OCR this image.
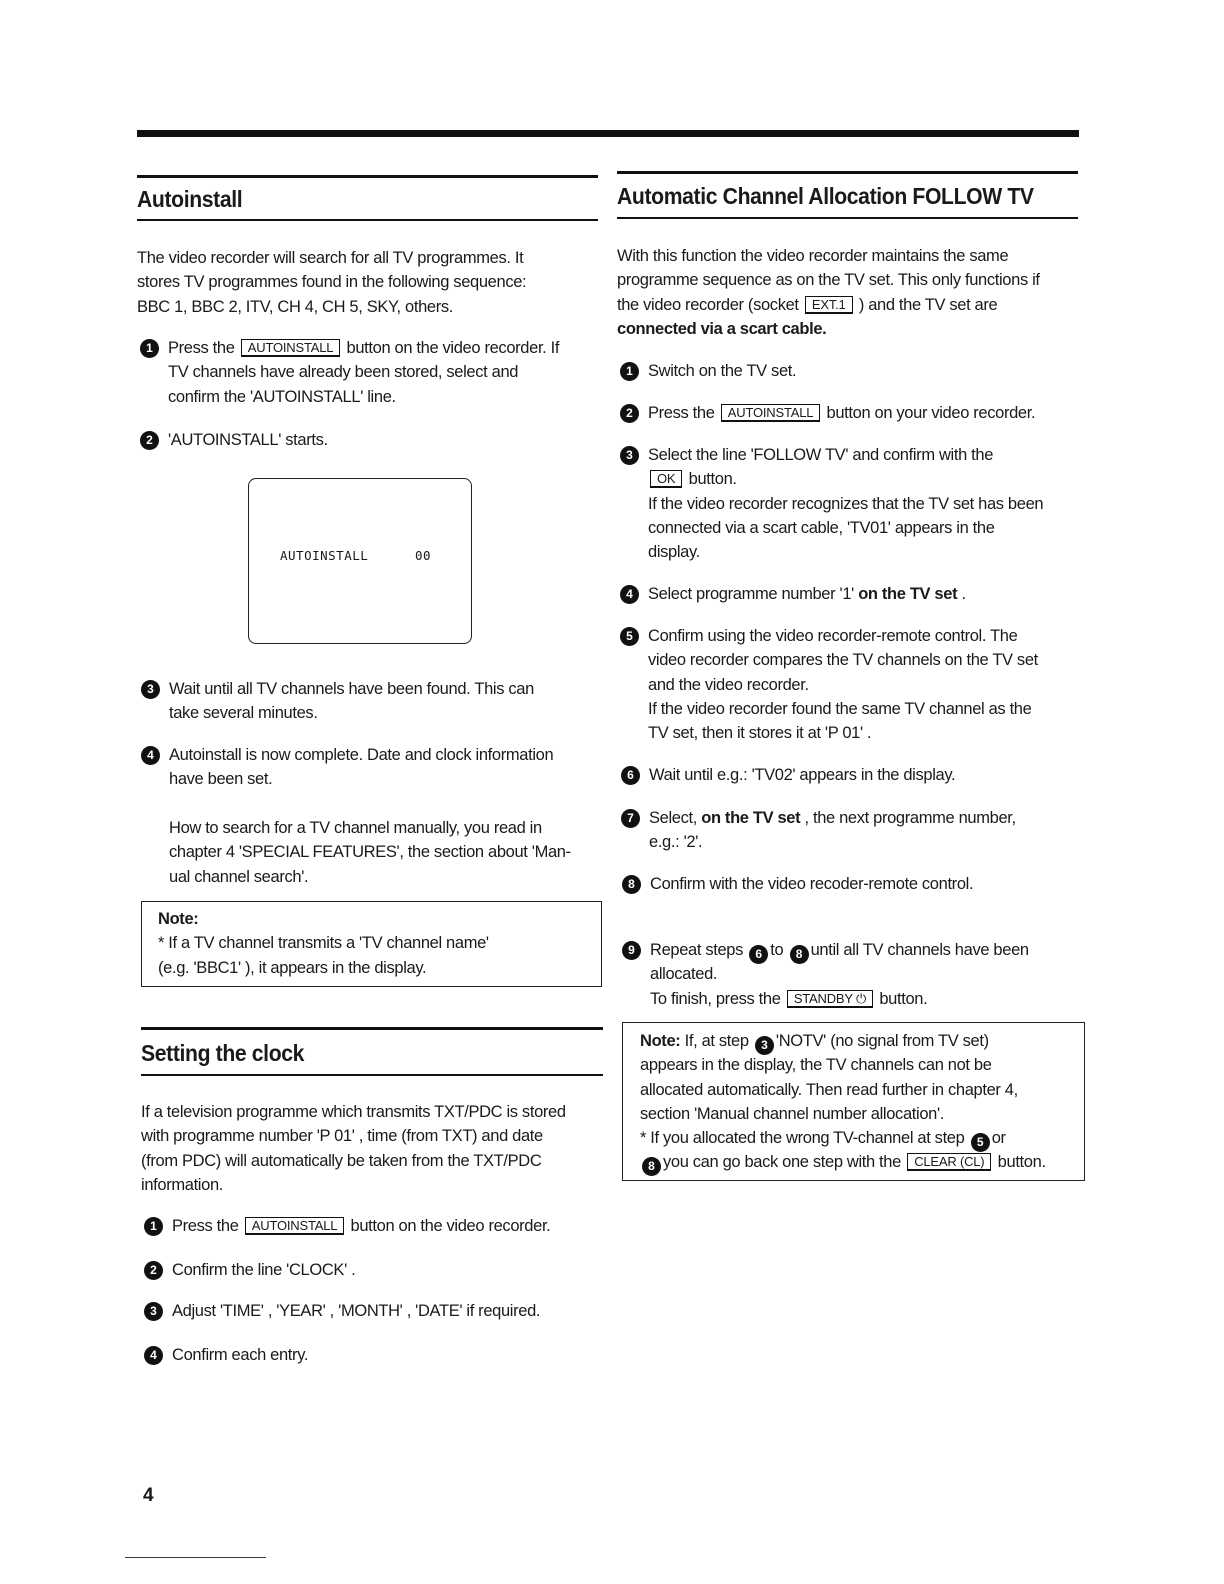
Autoinstall
The video recorder will search for all TV programmes. It
stores TV programmes found in the following sequence:
BBC 1, BBC 2, ITV, CH 4, CH 5, SKY, others.
1 Press the AUTOINSTALL button on the video recorder. If
TV channels have already been stored, select and
confirm the 'AUTOINSTALL' line.
2 'AUTOINSTALL' starts.
AUTOINSTALL	00
3 Wait until all TV channels have been found. This can
take several minutes.
4 Autoinstall is now complete. Date and clock information
have been set.
How to search for a TV channel manually, you read in
chapter 4 'SPECIAL FEATURES', the section about 'Man-
ual channel search'.
Note:
* If a TV channel transmits a 'TV channel name'
(e.g. 'BBC1' ), it appears in the display.
Setting the clock
If a television programme which transmits TXT/PDC is stored
with programme number 'P 01' , time (from TXT) and date
(from PDC) will automatically be taken from the TXT/PDC
information.
1 Press the AUTOINSTALL button on the video recorder.
2 Confirm the line 'CLOCK' .
3 Adjust 'TIME' , 'YEAR' , 'MONTH' , 'DATE' if required.
4 Confirm each entry.
4
Automatic Channel Allocation FOLLOW TV
With this function the video recorder maintains the same
programme sequence as on the TV set. This only functions if
the video recorder (socket EXT.1 ) and the TV set are
connected via a scart cable.
1 Switch on the TV set.
2 Press the AUTOINSTALL button on your video recorder.
3 Select the line 'FOLLOW TV' and confirm with the
OK button.
If the video recorder recognizes that the TV set has been
connected via a scart cable, 'TV01' appears in the
display.
4 Select programme number '1' on the TV set .
5 Confirm using the video recorder-remote control. The
video recorder compares the TV channels on the TV set
and the video recorder.
If the video recorder found the same TV channel as the
TV set, then it stores it at 'P 01' .
6 Wait until e.g.: 'TV02' appears in the display.
7 Select, on the TV set , the next programme number,
e.g.: '2'.
8 Confirm with the video recoder-remote control.
9 Repeat steps 6 to 8 until all TV channels have been
allocated.
To finish, press the STANDBY ⏻ button.
Note: If, at step 3 'NOTV' (no signal from TV set)
appears in the display, the TV channels can not be
allocated automatically. Then read further in chapter 4,
section 'Manual channel number allocation'.
* If you allocated the wrong TV-channel at step 5 or
8 you can go back one step with the CLEAR (CL) button.
